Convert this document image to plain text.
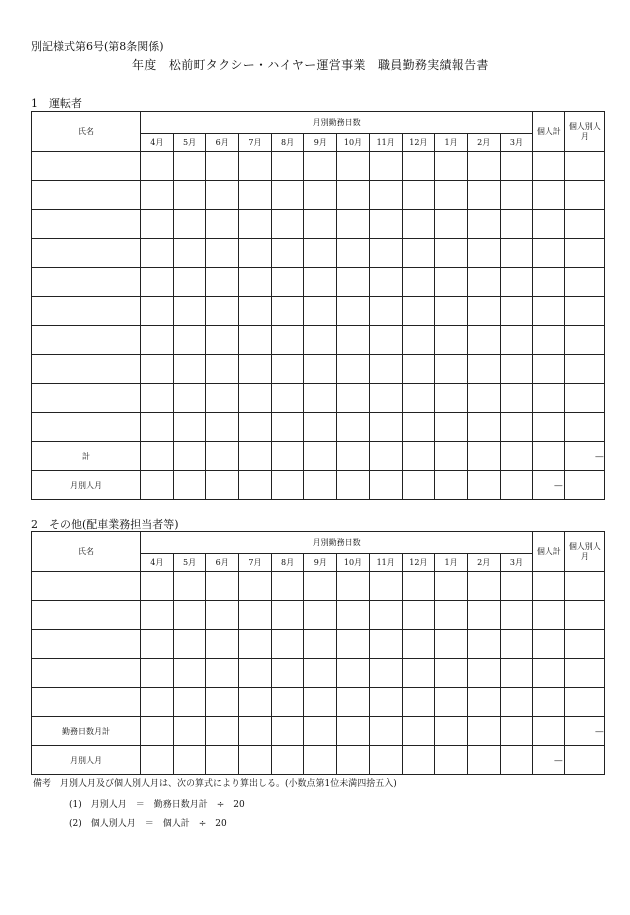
別記様式第6号(第8条関係)
年度　松前町タクシー・ハイヤー運営事業　職員勤務実績報告書
1　運転者
氏名	月別勤務日数												個人計	個人別人月
	4月	5月	6月	7月	8月	9月	10月	11月	12月	1月	2月	3月		

計														―
月別人月													―	
2　その他(配車業務担当者等)
氏名	月別勤務日数												個人計	個人別人月
	4月	5月	6月	7月	8月	9月	10月	11月	12月	1月	2月	3月		

勤務日数月計														―
月別人月													―	
備考　月別人月及び個人別人月は、次の算式により算出しる。(小数点第1位未満四捨五入)
(1)　月別人月　＝　勤務日数月計　÷　20
(2)　個人別人月　＝　個人計　÷　20
